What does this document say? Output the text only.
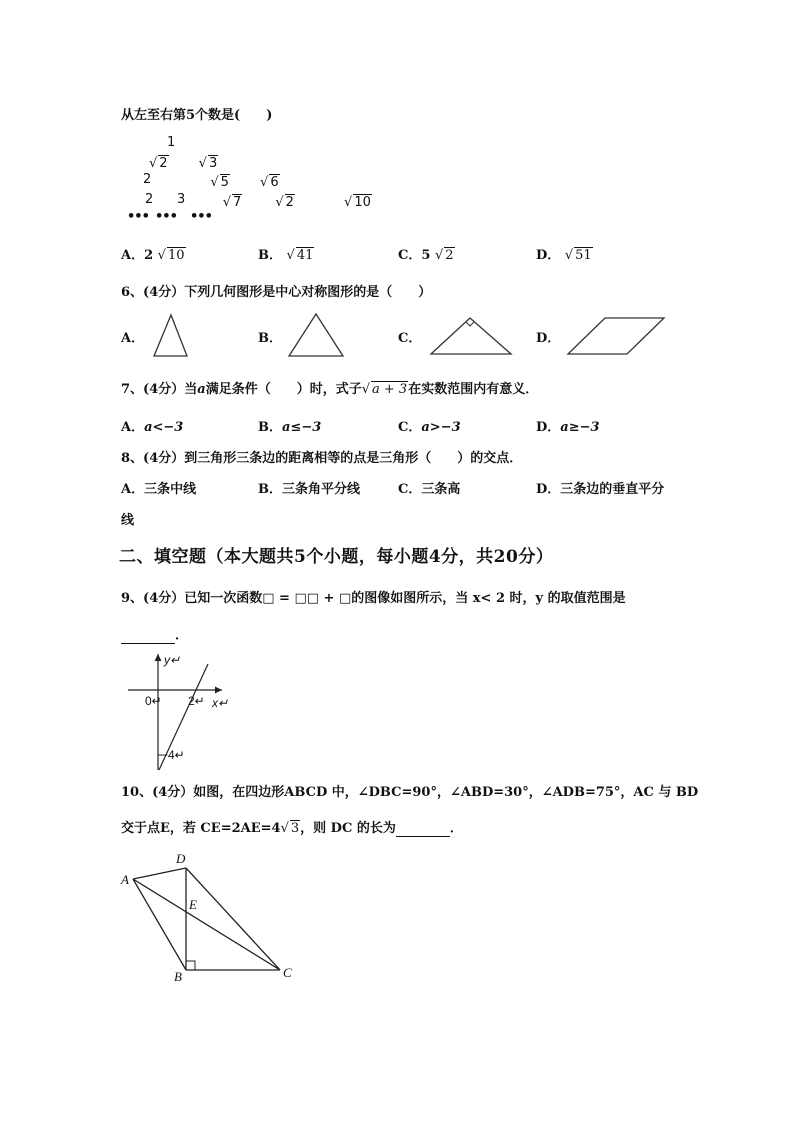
从左至右第5个数是(　　)
1
√ 2 √ 3
2	√ 5 √ 6 √ 7
2	√ 2
3	√ 10
••• ••• •••
A．2 √ 10	B． √ 41	C．5 √ 2	D． √ 51
6、(4分）下列几何图形是中心对称图形的是（　　）
A．	B．	C．	D．
7、(4分）当a满足条件（　　）时，式子√ a + 3在实数范围内有意义．
A．a<−3	B．a≤−3	C．a>−3	D．a≥−3
8、(4分）到三角形三条边的距离相等的点是三角形（　　）的交点．
A．三条中线	B．三条角平分线	C．三条高	D．三条边的垂直平分
线
二、填空题（本大题共5个小题，每小题4分，共20分）
9、(4分）已知一次函数□ = □□ + □的图像如图所示，当 x< 2 时，y 的取值范围是
．
y↵
x↵
0↵ 2↵
−4↵
10、(4分）如图，在四边形ABCD 中，∠DBC=90°，∠ABD=30°，∠ADB=75°，AC 与 BD
交于点E，若 CE=2AE=4√ 3，则 DC 的长为	．
A
D
E
B	C
